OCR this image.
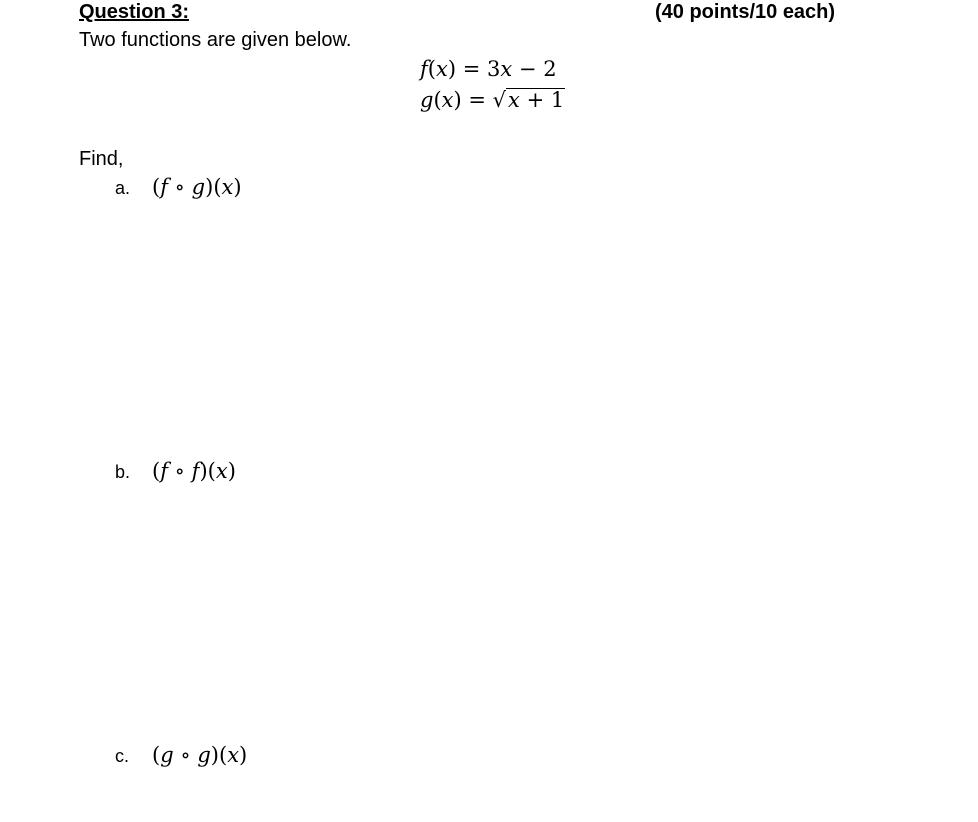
Question 3:	(40 points/10 each)
Two functions are given below.
f(x) = 3x − 2
g(x) = √x + 1
Find,
a. (f ∘ g)(x)
b. (f ∘ f)(x)
c. (g ∘ g)(x)
